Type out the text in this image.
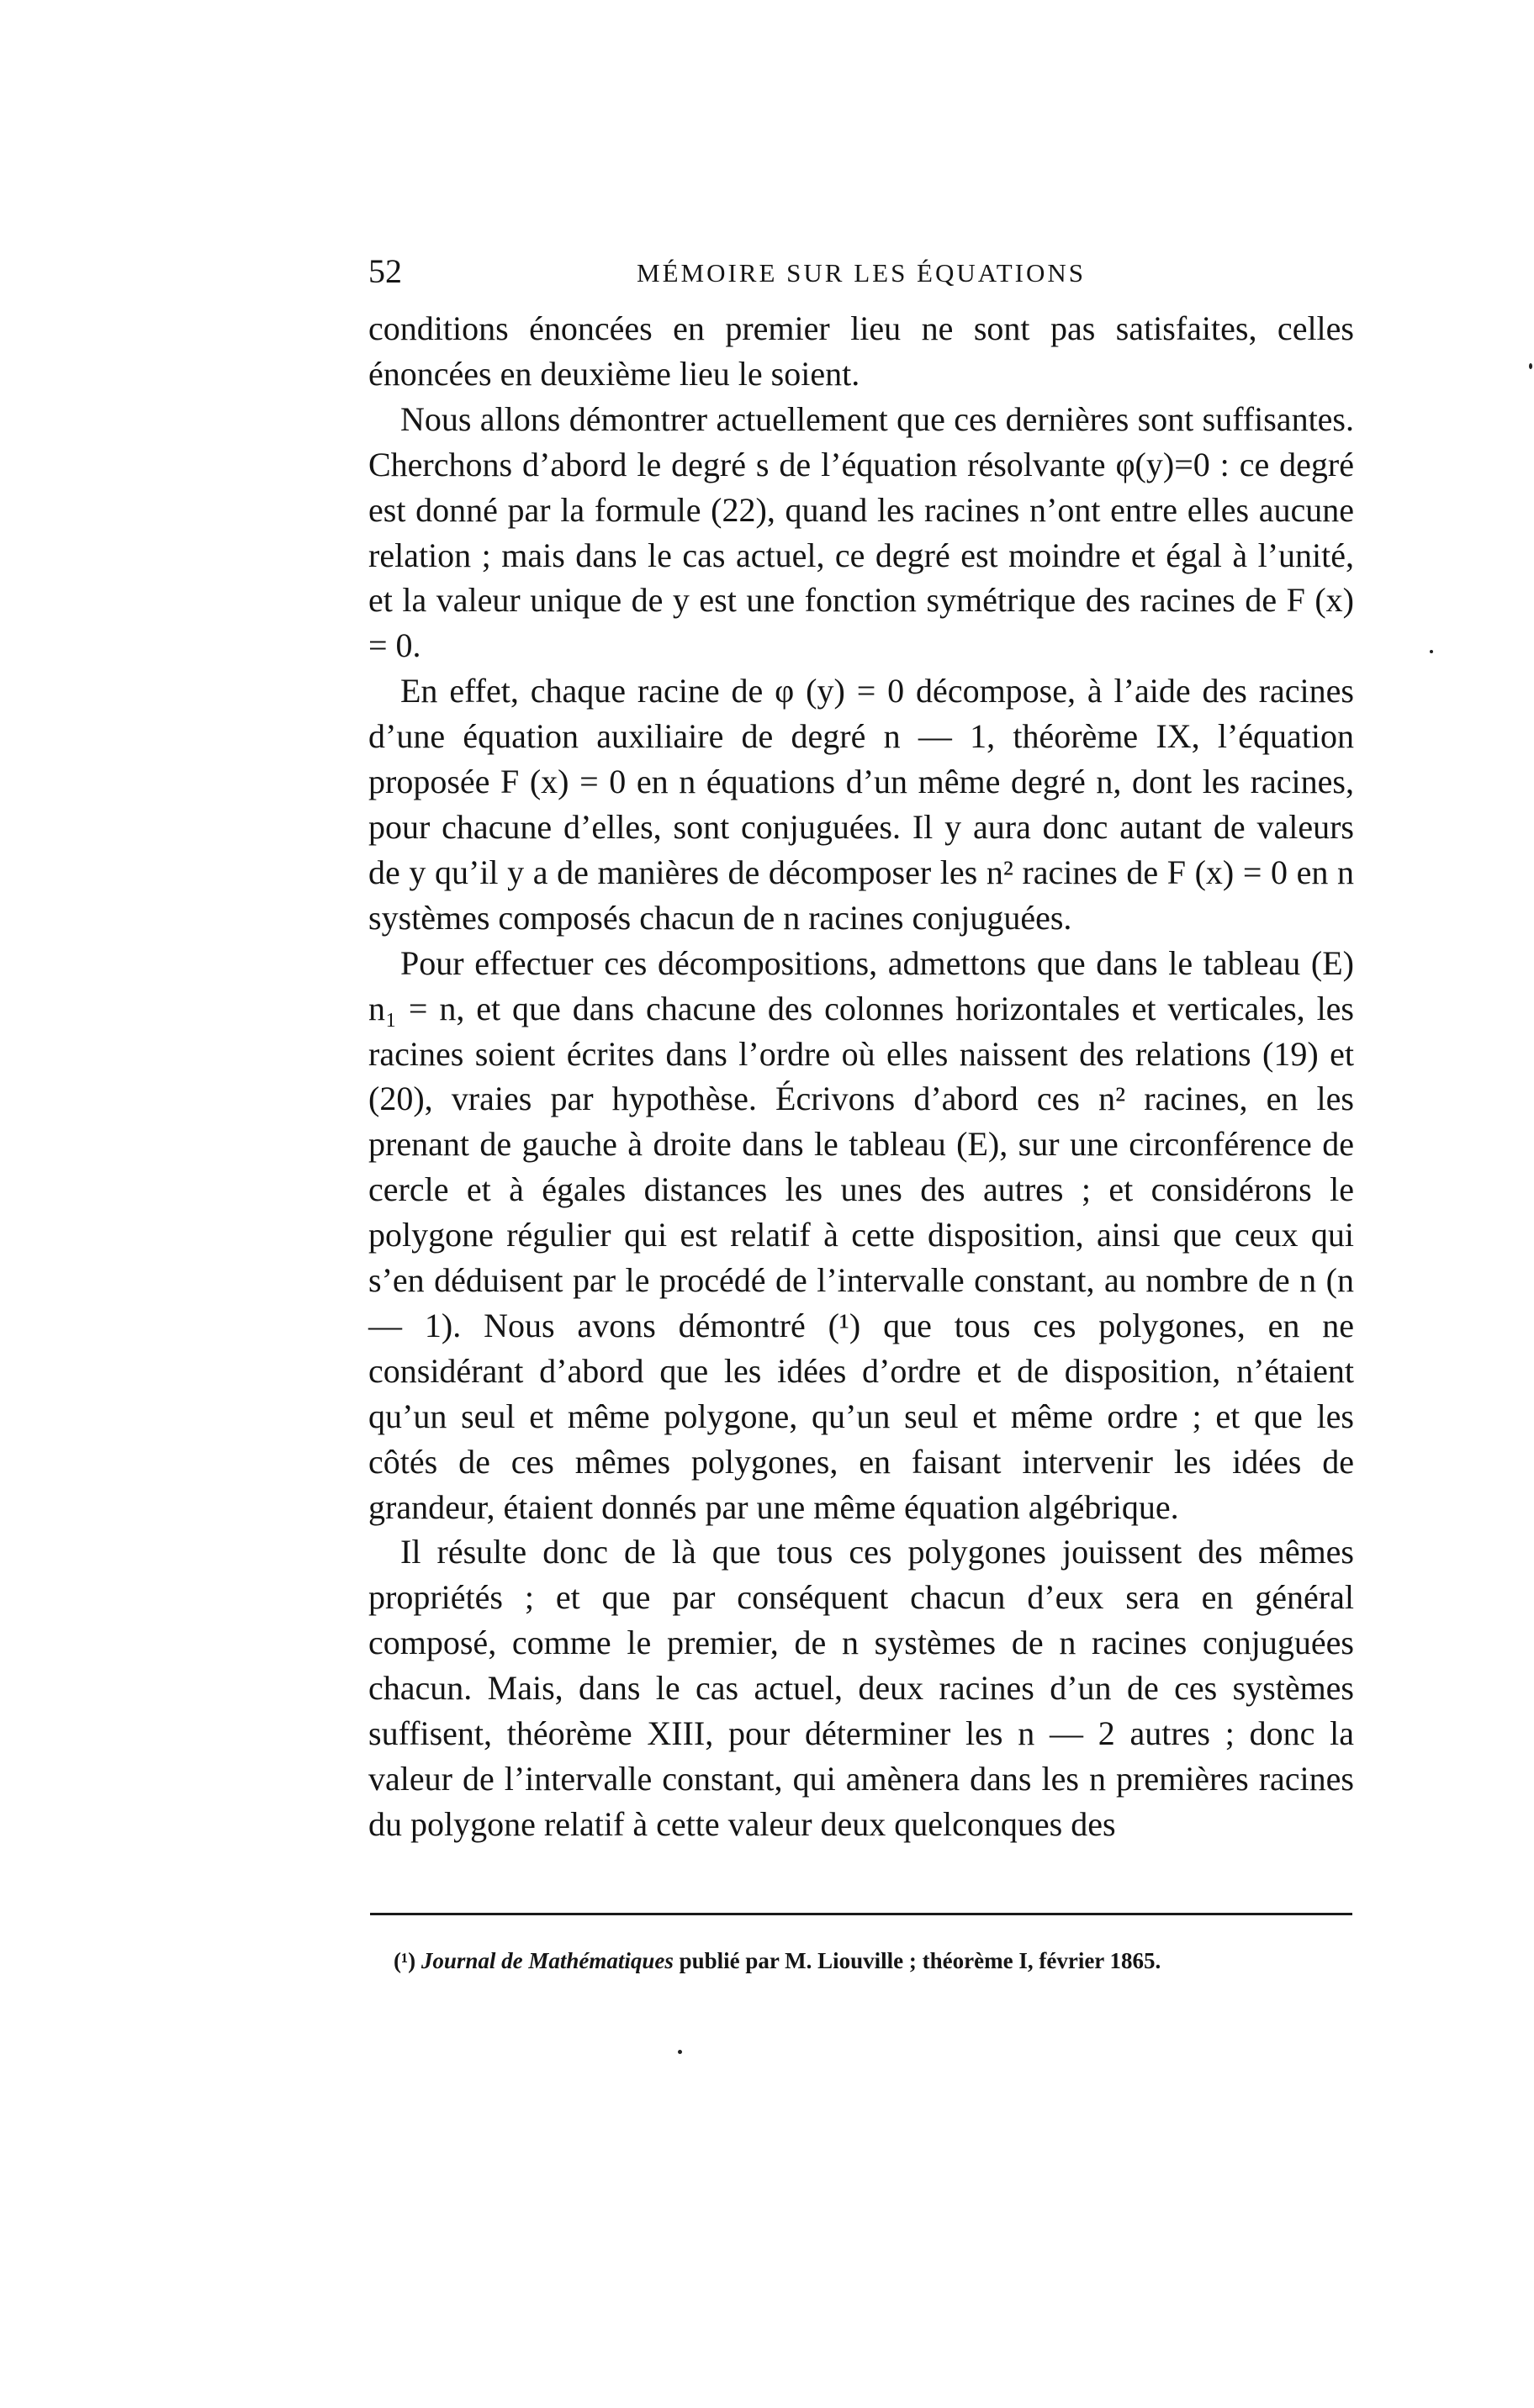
52	MÉMOIRE SUR LES ÉQUATIONS

conditions énoncées en premier lieu ne sont pas satisfaites, celles énoncées en deuxième lieu le soient.

Nous allons démontrer actuellement que ces dernières sont suffisantes. Cherchons d’abord le degré s de l’équation résolvante φ(y)=0 : ce degré est donné par la formule (22), quand les racines n’ont entre elles aucune relation ; mais dans le cas actuel, ce degré est moindre et égal à l’unité, et la valeur unique de y est une fonction symétrique des racines de F (x) = 0.

En effet, chaque racine de φ (y) = 0 décompose, à l’aide des racines d’une équation auxiliaire de degré n — 1, théorème IX, l’équation proposée F (x) = 0 en n équations d’un même degré n, dont les racines, pour chacune d’elles, sont conjuguées. Il y aura donc autant de valeurs de y qu’il y a de manières de décomposer les n² racines de F (x) = 0 en n systèmes composés chacun de n racines conjuguées.

Pour effectuer ces décompositions, admettons que dans le tableau (E) n₁ = n, et que dans chacune des colonnes horizontales et verticales, les racines soient écrites dans l’ordre où elles naissent des relations (19) et (20), vraies par hypothèse. Écrivons d’abord ces n² racines, en les prenant de gauche à droite dans le tableau (E), sur une circonférence de cercle et à égales distances les unes des autres ; et considérons le polygone régulier qui est relatif à cette disposition, ainsi que ceux qui s’en déduisent par le procédé de l’intervalle constant, au nombre de n (n — 1). Nous avons démontré (¹) que tous ces polygones, en ne considérant d’abord que les idées d’ordre et de disposition, n’étaient qu’un seul et même polygone, qu’un seul et même ordre ; et que les côtés de ces mêmes polygones, en faisant intervenir les idées de grandeur, étaient donnés par une même équation algébrique.

Il résulte donc de là que tous ces polygones jouissent des mêmes propriétés ; et que par conséquent chacun d’eux sera en général composé, comme le premier, de n systèmes de n racines conjuguées chacun. Mais, dans le cas actuel, deux racines d’un de ces systèmes suffisent, théorème XIII, pour déterminer les n — 2 autres ; donc la valeur de l’intervalle constant, qui amènera dans les n premières racines du polygone relatif à cette valeur deux quelconques des

(¹) Journal de Mathématiques publié par M. Liouville ; théorème I, février 1865.
